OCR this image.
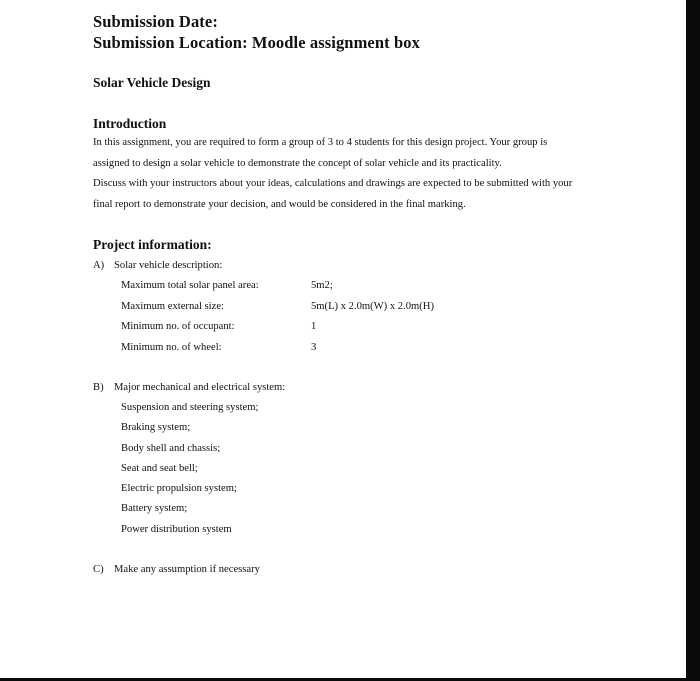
Submission Date:
Submission Location: Moodle assignment box
Solar Vehicle Design
Introduction
In this assignment, you are required to form a group of 3 to 4 students for this design project. Your group is
assigned to design a solar vehicle to demonstrate the concept of solar vehicle and its practicality.
Discuss with your instructors about your ideas, calculations and drawings are expected to be submitted with your
final report to demonstrate your decision, and would be considered in the final marking.
Project information:
A) Solar vehicle description:
Maximum total solar panel area:	5m2;
Maximum external size:	5m(L) x 2.0m(W) x 2.0m(H)
Minimum no. of occupant:	1
Minimum no. of wheel:	3
B) Major mechanical and electrical system:
Suspension and steering system;
Braking system;
Body shell and chassis;
Seat and seat bell;
Electric propulsion system;
Battery system;
Power distribution system
C) Make any assumption if necessary
